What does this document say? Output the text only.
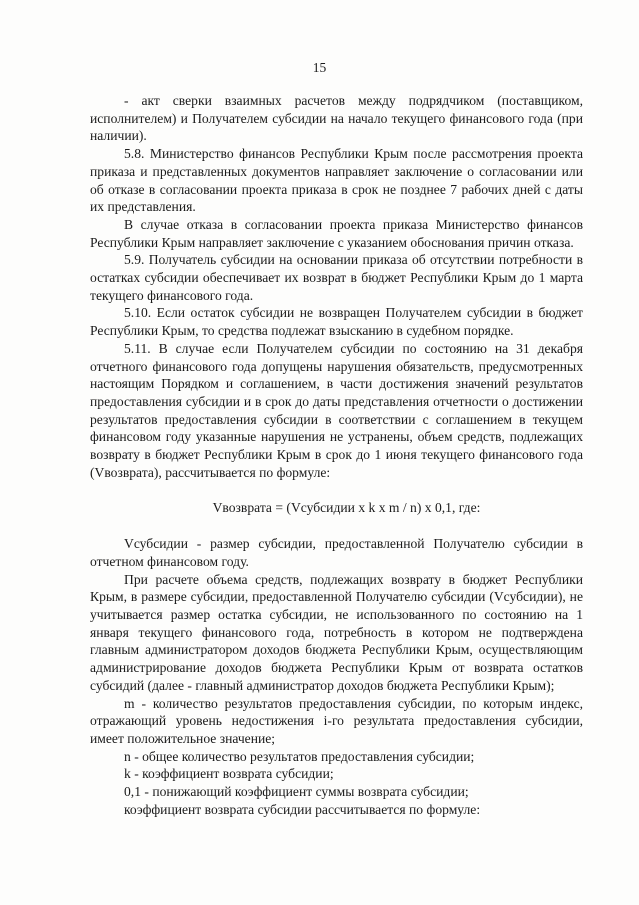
15

- акт сверки взаимных расчетов между подрядчиком (поставщиком, исполнителем) и Получателем субсидии на начало текущего финансового года (при наличии).

5.8. Министерство финансов Республики Крым после рассмотрения проекта приказа и представленных документов направляет заключение о согласовании или об отказе в согласовании проекта приказа в срок не позднее 7 рабочих дней с даты их представления.

В случае отказа в согласовании проекта приказа Министерство финансов Республики Крым направляет заключение с указанием обоснования причин отказа.

5.9. Получатель субсидии на основании приказа об отсутствии потребности в остатках субсидии обеспечивает их возврат в бюджет Республики Крым до 1 марта текущего финансового года.

5.10. Если остаток субсидии не возвращен Получателем субсидии в бюджет Республики Крым, то средства подлежат взысканию в судебном порядке.

5.11. В случае если Получателем субсидии по состоянию на 31 декабря отчетного финансового года допущены нарушения обязательств, предусмотренных настоящим Порядком и соглашением, в части достижения значений результатов предоставления субсидии и в срок до даты представления отчетности о достижении результатов предоставления субсидии в соответствии с соглашением в текущем финансовом году указанные нарушения не устранены, объем средств, подлежащих возврату в бюджет Республики Крым в срок до 1 июня текущего финансового года (Vвозврата), рассчитывается по формуле:

Vвозврата = (Vсубсидии x k x m / n) x 0,1, где:

Vсубсидии - размер субсидии, предоставленной Получателю субсидии в отчетном финансовом году.

При расчете объема средств, подлежащих возврату в бюджет Республики Крым, в размере субсидии, предоставленной Получателю субсидии (Vсубсидии), не учитывается размер остатка субсидии, не использованного по состоянию на 1 января текущего финансового года, потребность в котором не подтверждена главным администратором доходов бюджета Республики Крым, осуществляющим администрирование доходов бюджета Республики Крым от возврата остатков субсидий (далее - главный администратор доходов бюджета Республики Крым);

m - количество результатов предоставления субсидии, по которым индекс, отражающий уровень недостижения i-го результата предоставления субсидии, имеет положительное значение;

n - общее количество результатов предоставления субсидии;

k - коэффициент возврата субсидии;

0,1 - понижающий коэффициент суммы возврата субсидии;

коэффициент возврата субсидии рассчитывается по формуле:
